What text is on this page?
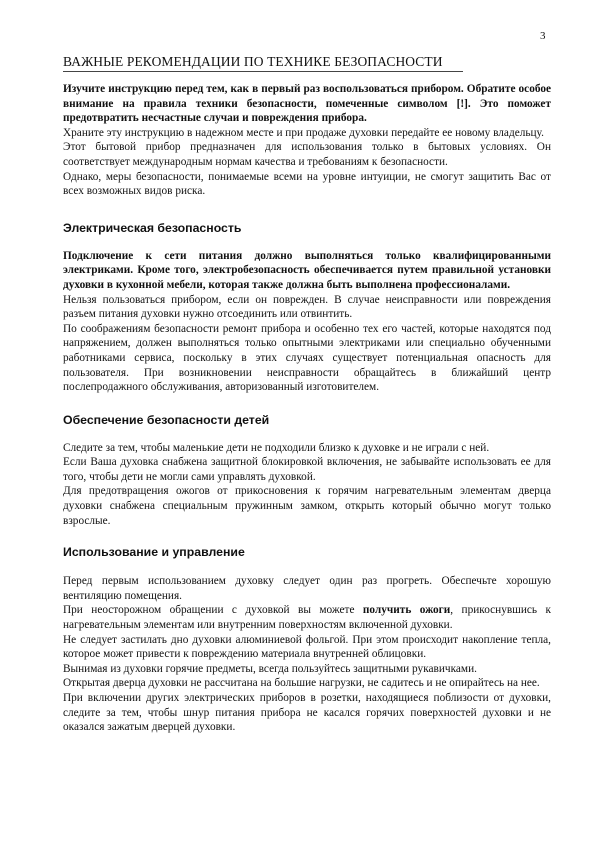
3
ВАЖНЫЕ РЕКОМЕНДАЦИИ ПО ТЕХНИКЕ БЕЗОПАСНОСТИ

Изучите инструкцию перед тем, как в первый раз воспользоваться прибором. Обратите особое внимание на правила техники безопасности, помеченные символом [!]. Это поможет предотвратить несчастные случаи и повреждения прибора.

Храните эту инструкцию в надежном месте и при продаже духовки передайте ее новому владельцу.

Этот бытовой прибор предназначен для использования только в бытовых условиях. Он соответствует международным нормам качества и требованиям к безопасности.

Однако, меры безопасности, понимаемые всеми на уровне интуиции, не смогут защитить Вас от всех возможных видов риска.

Электрическая безопасность

Подключение к сети питания должно выполняться только квалифицированными электриками. Кроме того, электробезопасность обеспечивается путем правильной установки духовки в кухонной мебели, которая также должна быть выполнена профессионалами.

Нельзя пользоваться прибором, если он поврежден. В случае неисправности или повреждения разъем питания духовки нужно отсоединить или отвинтить.

По соображениям безопасности ремонт прибора и особенно тех его частей, которые находятся под напряжением, должен выполняться только опытными электриками или специально обученными работниками сервиса, поскольку в этих случаях существует потенциальная опасность для пользователя. При возникновении неисправности обращайтесь в ближайший центр послепродажного обслуживания, авторизованный изготовителем.

Обеспечение безопасности детей

Следите за тем, чтобы маленькие дети не подходили близко к духовке и не играли с ней.

Если Ваша духовка снабжена защитной блокировкой включения, не забывайте использовать ее для того, чтобы дети не могли сами управлять духовкой.

Для предотвращения ожогов от прикосновения к горячим нагревательным элементам дверца духовки снабжена специальным пружинным замком, открыть который обычно могут только взрослые.

Использование и управление

Перед первым использованием духовку следует один раз прогреть. Обеспечьте хорошую вентиляцию помещения.

При неосторожном обращении с духовкой вы можете получить ожоги, прикоснувшись к нагревательным элементам или внутренним поверхностям включенной духовки.

Не следует застилать дно духовки алюминиевой фольгой. При этом происходит накопление тепла, которое может привести к повреждению материала внутренней облицовки.

Вынимая из духовки горячие предметы, всегда пользуйтесь защитными рукавичками.

Открытая дверца духовки не рассчитана на большие нагрузки, не садитесь и не опирайтесь на нее.

При включении других электрических приборов в розетки, находящиеся поблизости от духовки, следите за тем, чтобы шнур питания прибора не касался горячих поверхностей духовки и не оказался зажатым дверцей духовки.
